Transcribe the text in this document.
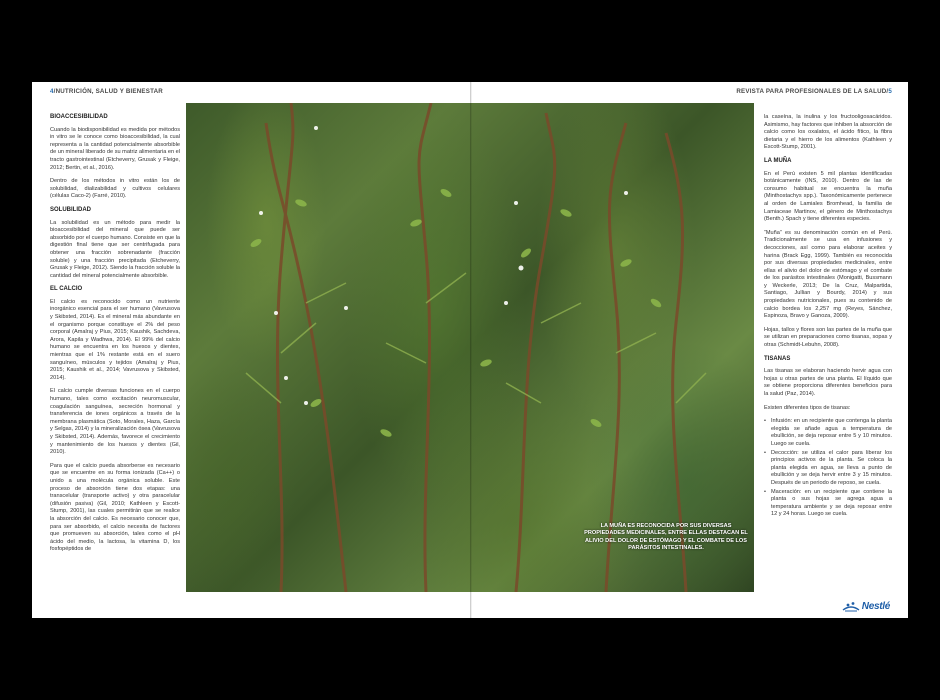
4/NUTRICIÓN, SALUD Y BIENESTAR	REVISTA PARA PROFESIONALES DE LA SALUD/5
BIOACCESIBILIDAD

Cuando la biodisponibilidad es medida por métodos in vitro se le conoce como bioaccesibilidad, la cual representa a la cantidad potencialmente absorbible de un mineral liberado de su matriz alimentaria en el tracto gastrointestinal (Etcheverry, Grusak y Fleige, 2012; Bertin, et al., 2016).

Dentro de los métodos in vitro están los de solubilidad, dializabilidad y cultivos celulares (células Caco-2) (Farré, 2010).

SOLUBILIDAD

La solubilidad es un método para medir la bioaccesibilidad del mineral que puede ser absorbido por el cuerpo humano. Consiste en que la digestión final tiene que ser centrifugada para obtener una fracción sobrenadante (fracción soluble) y una fracción precipitada (Etcheverry, Grusak y Fleige, 2012). Siendo la fracción soluble la cantidad del mineral potencialmente absorbible.

EL CALCIO

El calcio es reconocido como un nutriente inorgánico esencial para el ser humano (Vavrusova y Skibsted, 2014). Es el mineral más abundante en el organismo porque constituye el 2% del peso corporal (Amalraj y Pius, 2015; Kaushik, Sachdeva, Arora, Kapila y Wadhwa, 2014). El 99% del calcio humano se encuentra en los huesos y dientes, mientras que el 1% restante está en el suero sanguíneo, músculos y tejidos (Amalraj y Pius, 2015; Kaushik et al., 2014; Vavrusova y Skibsted, 2014).

El calcio cumple diversas funciones en el cuerpo humano, tales como excitación neuromuscular, coagulación sanguínea, secreción hormonal y transferencia de iones orgánicos a través de la membrana plasmática (Soto, Morales, Haza, García y Selgas, 2014) y la mineralización ósea (Vavrusova y Skibsted, 2014). Además, favorece el crecimiento y mantenimiento de los huesos y dientes (Gil, 2010).

Para que el calcio pueda absorberse es necesario que se encuentre en su forma ionizada (Ca++) o unido a una molécula orgánica soluble. Este proceso de absorción tiene dos etapas: una transcelular (transporte activo) y otra paracelular (difusión pasiva) (Gil, 2010; Kathleen y Escott-Stump, 2001), las cuales permitirán que se realice la absorción del calcio. Es necesario conocer que, para ser absorbido, el calcio necesita de factores que promueven su absorción, tales como el pH ácido del medio, la lactosa, la vitamina D, los fosfopéptidos de

LA MUÑA ES RECONOCIDA POR SUS DIVERSAS PROPIEDADES MEDICINALES, ENTRE ELLAS DESTACAN EL ALIVIO DEL DOLOR DE ESTÓMAGO Y EL COMBATE DE LOS PARÁSITOS INTESTINALES.

la caseína, la inulina y los fructooligosacáridos. Asimismo, hay factores que inhiben la absorción de calcio como los oxalatos, el ácido fítico, la fibra dietaria y el hierro de los alimentos (Kathleen y Escott-Stump, 2001).

LA MUÑA

En el Perú existen 5 mil plantas identificadas botánicamente (INS, 2010). Dentro de las de consumo habitual se encuentra la muña (Minthostachys spp.). Taxonómicamente pertenece al orden de Lamiales Bromhead, la familia de Lamiaceae Martinov, el género de Minthostachys (Benth.) Spach y tiene diferentes especies.

“Muña” es su denominación común en el Perú. Tradicionalmente se usa en infusiones y decocciones, así como para elaborar aceites y harina (Brack Egg, 1999). También es reconocida por sus diversas propiedades medicinales, entre ellas el alivio del dolor de estómago y el combate de los parásitos intestinales (Monigatti, Bussmann y Weckerle, 2013; De la Cruz, Malpartida, Santiago, Jullian y Bourdy, 2014) y sus propiedades nutricionales, pues su contenido de calcio bordea los 2,257 mg (Reyes, Sánchez, Espinoza, Bravo y Ganoza, 2009).

Hojas, tallos y flores son las partes de la muña que se utilizan en preparaciones como tisanas, sopas y otras (Schmidt-Lebuhn, 2008).

TISANAS

Las tisanas se elaboran haciendo hervir agua con hojas u otras partes de una planta. El líquido que se obtiene proporciona diferentes beneficios para la salud (Paz, 2014).

Existen diferentes tipos de tisanas:

• Infusión: en un recipiente que contenga la planta elegida se añade agua a temperatura de ebullición, se deja reposar entre 5 y 10 minutos. Luego se cuela.
• Decocción: se utiliza el calor para liberar los principios activos de la planta. Se coloca la planta elegida en agua, se lleva a punto de ebullición y se deja hervir entre 3 y 15 minutos. Después de un periodo de reposo, se cuela.
• Maceración: en un recipiente que contiene la planta o sus hojas se agrega agua a temperatura ambiente y se deja reposar entre 12 y 24 horas. Luego se cuela.
Nestlé
